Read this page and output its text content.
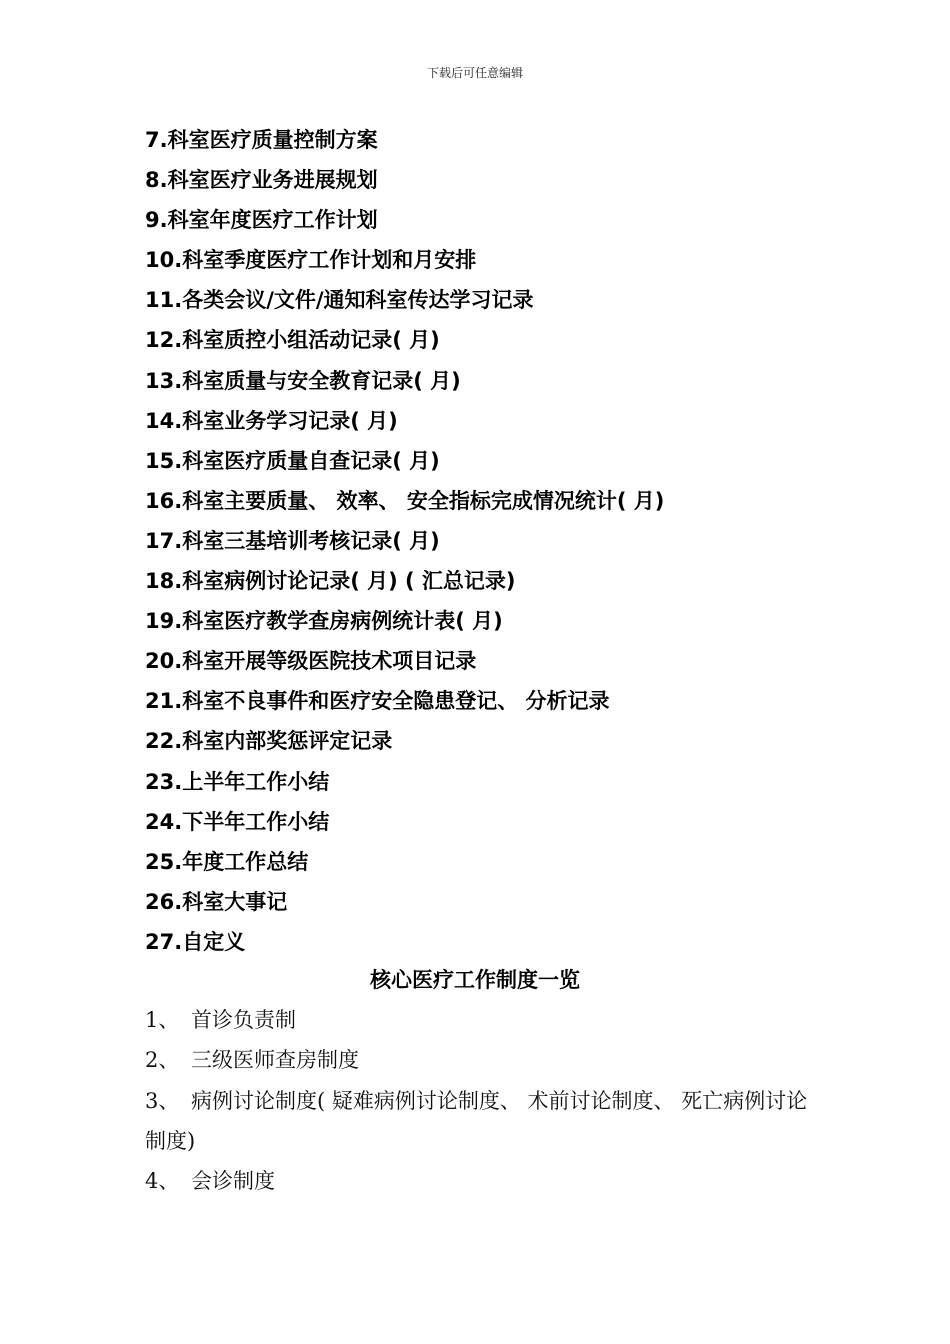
下载后可任意编辑
7.科室医疗质量控制方案
8.科室医疗业务进展规划
9.科室年度医疗工作计划
10.科室季度医疗工作计划和月安排
11.各类会议/文件/通知科室传达学习记录
12.科室质控小组活动记录( 月)
13.科室质量与安全教育记录( 月)
14.科室业务学习记录( 月)
15.科室医疗质量自查记录( 月)
16.科室主要质量、 效率、 安全指标完成情况统计( 月)
17.科室三基培训考核记录( 月)
18.科室病例讨论记录( 月) ( 汇总记录)
19.科室医疗教学查房病例统计表( 月)
20.科室开展等级医院技术项目记录
21.科室不良事件和医疗安全隐患登记、 分析记录
22.科室内部奖惩评定记录
23.上半年工作小结
24.下半年工作小结
25.年度工作总结
26.科室大事记
27.自定义
核心医疗工作制度一览
1、 首诊负责制
2、 三级医师查房制度
3、 病例讨论制度( 疑难病例讨论制度、 术前讨论制度、 死亡病例讨论制度)
4、 会诊制度
